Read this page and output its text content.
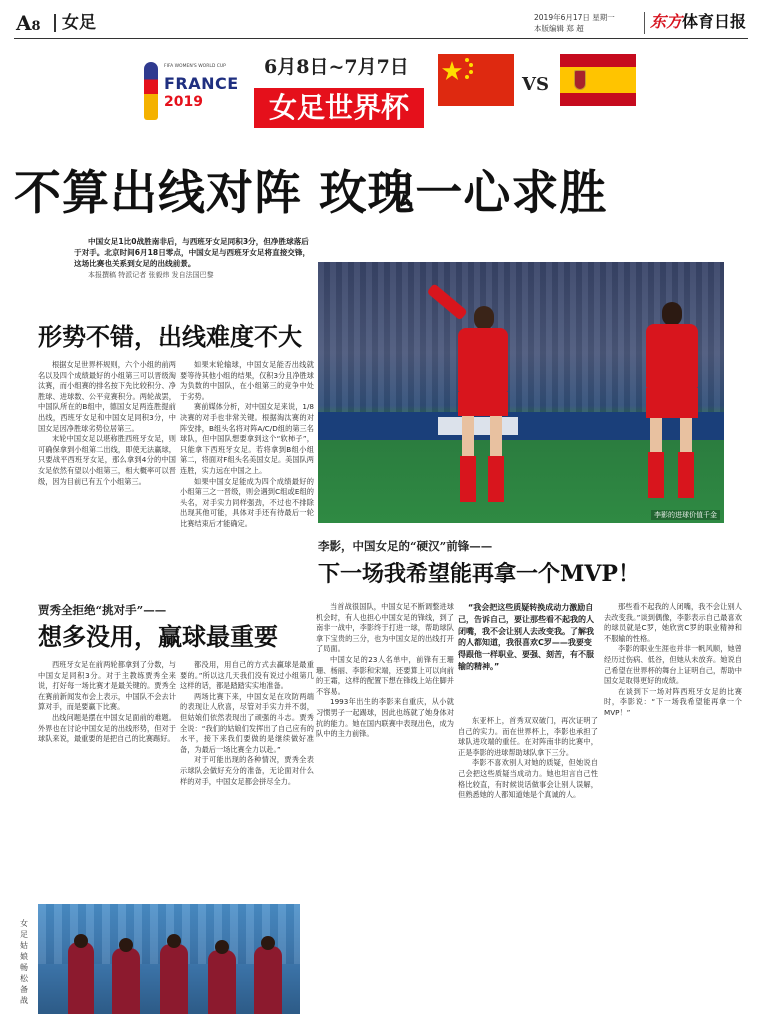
A8 女足	2019年6月17日 星期一
本版编辑 郑 超	东方体育日报
FIFA WOMEN'S WORLD CUP
FRANCE
2019
6月8日~7月7日
女足世界杯
VS
不算出线对阵 玫瑰一心求胜
中国女足1比0战胜南非后，与西班牙女足同积3分，但净胜球落后于对手。北京时间6月18日零点，中国女足与西班牙女足将直接交锋，这场比赛也关系到女足的出线前景。
本报撰稿 特派记者 张毅炜 发自法国巴黎
李影的进球价值千金
形势不错，出线难度不大

根据女足世界杯规则，六个小组的前两名以及四个成绩最好的小组第三可以晋级淘汰赛，而小组赛的排名按下先比较积分、净胜球、进球数、公平竞赛积分。两轮战罢，中国队所在的B组中，德国女足两连胜提前出线，西班牙女足和中国女足同积3分，中国女足因净胜球劣势位居第三。

末轮中国女足以堪称胜西班牙女足，则可确保拿到小组第二出线，即使无法赢球，只要战平西班牙女足，那么拿到4分的中国女足依然有望以小组第三，相大概率可以晋级，因为目前已有五个小组第三。

如果末轮输球，中国女足能否出线就要等待其他小组的结果，仅积3分且净胜球为负数的中国队，在小组第三的竞争中处于劣势。

赛前媒体分析，对中国女足来说，1/8决赛的对手也非常关键。根据淘汰赛的对阵安排，B组头名将对阵A/C/D组的第三名球队，但中国队想要拿到这个“软柿子”，只能拿下西班牙女足。若将拿到B组小组第二，将面对F组头名美国女足。美国队两连胜，实力远在中国之上。

如果中国女足能成为四个成绩最好的小组第三之一晋级，则会遇到C组或E组的头名，对手实力同样强劲，不过也不排除出现其他可能，具体对手还有待最后一轮比赛结束后才能确定。

李影，中国女足的“硬汉”前锋——
下一场我希望能再拿一个MVP！

当首战很国队，中国女足不断调整进球机会时，有人也担心中国女足的锋线，到了南非一战中，李影终于打进一球，帮助球队拿下宝贵的三分，也为中国女足的出线打开了局面。

中国女足的23人名单中，前锋有王珊珊、杨丽、李影和宋端，还要算上可以向前的王霜，这样的配置下想在锋线上站住脚并不容易。

1993年出生的李影来自重庆，从小就习惯男子一起踢球，因此也练就了她身体对抗的能力。她在国内联赛中表现出色，成为队中的主力前锋。

“我会把这些质疑转换成动力激励自己，告诉自己，要让那些看不起我的人闭嘴，我不会让别人去改变我。了解我的人都知道，我很喜欢C罗——我要变得跟他一样职业、要强、刻苦，有不服输的精神。”

东亚杯上，首秀双双破门，再次证明了自己的实力。而在世界杯上，李影也承担了球队进攻端的重任。在对阵南非的比赛中，正是李影的进球帮助球队拿下三分。

李影不喜欢别人对她的质疑，但她说自己会把这些质疑当成动力。她也坦言自己性格比较直，有时候说话做事会让别人误解，但熟悉她的人都知道她是个真诚的人。

那些看不起我的人闭嘴，我不会让别人去改变我。”谈到偶像，李影表示自己最喜欢的球员就是C罗，她欣赏C罗的职业精神和不服输的性格。

李影的职业生涯也并非一帆风顺，她曾经历过伤病、低谷，但她从未放弃。她说自己希望在世界杯的舞台上证明自己，帮助中国女足取得更好的成绩。

在谈到下一场对阵西班牙女足的比赛时，李影说：“下一场我希望能再拿一个MVP！”

贾秀全拒绝“挑对手”——
想多没用，赢球最重要

西班牙女足在前两轮都拿到了分数，与中国女足同积3分。对于主教练贾秀全来说，打好每一场比赛才是最关键的。贾秀全在赛前新闻发布会上表示，中国队不会去计算对手，而是要赢下比赛。

出线问题是摆在中国女足面前的难题。外界也在讨论中国女足的出线形势，但对于球队来说，最重要的是把自己的比赛踢好。

都没用，用自己的方式去赢球是最重要的。”所以这几天我们没有说过小组第几这样的话，都是踏踏实实地准备。

两场比赛下来，中国女足在攻防两端的表现让人欣喜，尽管对手实力并不弱，但姑娘们依然表现出了顽强的斗志。贾秀全说：“我们的姑娘们发挥出了自己应有的水平，接下来我们要做的是继续做好准备，为最后一场比赛全力以赴。”

对于可能出现的各种情况，贾秀全表示球队会做好充分的准备，无论面对什么样的对手，中国女足都会拼尽全力。

女足姑娘畅松备战
